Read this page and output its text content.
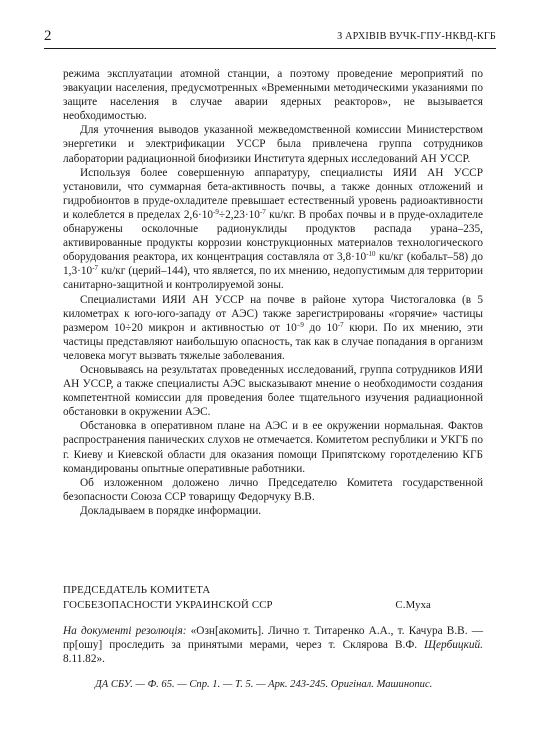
2	З АРХІВІВ ВУЧК-ГПУ-НКВД-КГБ

режима эксплуатации атомной станции, а поэтому проведение мероприятий по эвакуации населения, предусмотренных «Временными методическими указаниями по защите населения в случае аварии ядерных реакторов», не вызывается необходимостью.

Для уточнения выводов указанной межведомственной комиссии Министерством энергетики и электрификации УССР была привлечена группа сотрудников лаборатории радиационной биофизики Института ядерных исследований АН УССР.

Используя более совершенную аппаратуру, специалисты ИЯИ АН УССР установили, что суммарная бета-активность почвы, а также донных отложений и гидробионтов в пруде-охладителе превышает естественный уровень радиоактивности и колеблется в пределах $2,6\cdot 10^{-9}\div 2,23\cdot 10^{-7}$ кu/кг. В пробах почвы и в пруде-охладителе обнаружены осколочные радионуклиды продуктов распада урана–235, активированные продукты коррозии конструкционных материалов технологического оборудования реактора, их концентрация составляла от $3,8\cdot 10^{-10}$ кu/кг (кобальт–58) до $1,3\cdot 10^{-7}$ кu/кг (церий–144), что является, по их мнению, недопустимым для территории санитарно-защитной и контролируемой зоны.

Специалистами ИЯИ АН УССР на почве в районе хутора Чистогаловка (в 5 километрах к юго-юго-западу от АЭС) также зарегистрированы «горячие» частицы размером 10÷20 микрон и активностью от $10^{-9}$ до $10^{-7}$ кюри. По их мнению, эти частицы представляют наибольшую опасность, так как в случае попадания в организм человека могут вызвать тяжелые заболевания.

Основываясь на результатах проведенных исследований, группа сотрудников ИЯИ АН УССР, а также специалисты АЭС высказывают мнение о необходимости создания компетентной комиссии для проведения более тщательного изучения радиационной обстановки в окружении АЭС.

Обстановка в оперативном плане на АЭС и в ее окружении нормальная. Фактов распространения панических слухов не отмечается. Комитетом республики и УКГБ по г. Киеву и Киевской области для оказания помощи Припятскому горотделению КГБ командированы опытные оперативные работники.

Об изложенном доложено лично Председателю Комитета государственной безопасности Союза ССР товарищу Федорчуку В.В.

Докладываем в порядке информации.

ПРЕДСЕДАТЕЛЬ КОМИТЕТА
ГОСБЕЗОПАСНОСТИ УКРАИНСКОЙ ССР	С.Муха

На документі резолюція: «Озн[акомить]. Лично т. Титаренко А.А., т. Качура В.В. — пр[ошу] проследить за принятыми мерами, через т. Склярова В.Ф. Щербицкий. 8.11.82».

ДА СБУ. — Ф. 65. — Спр. 1. — Т. 5. — Арк. 243-245. Оригінал. Машинопис.
